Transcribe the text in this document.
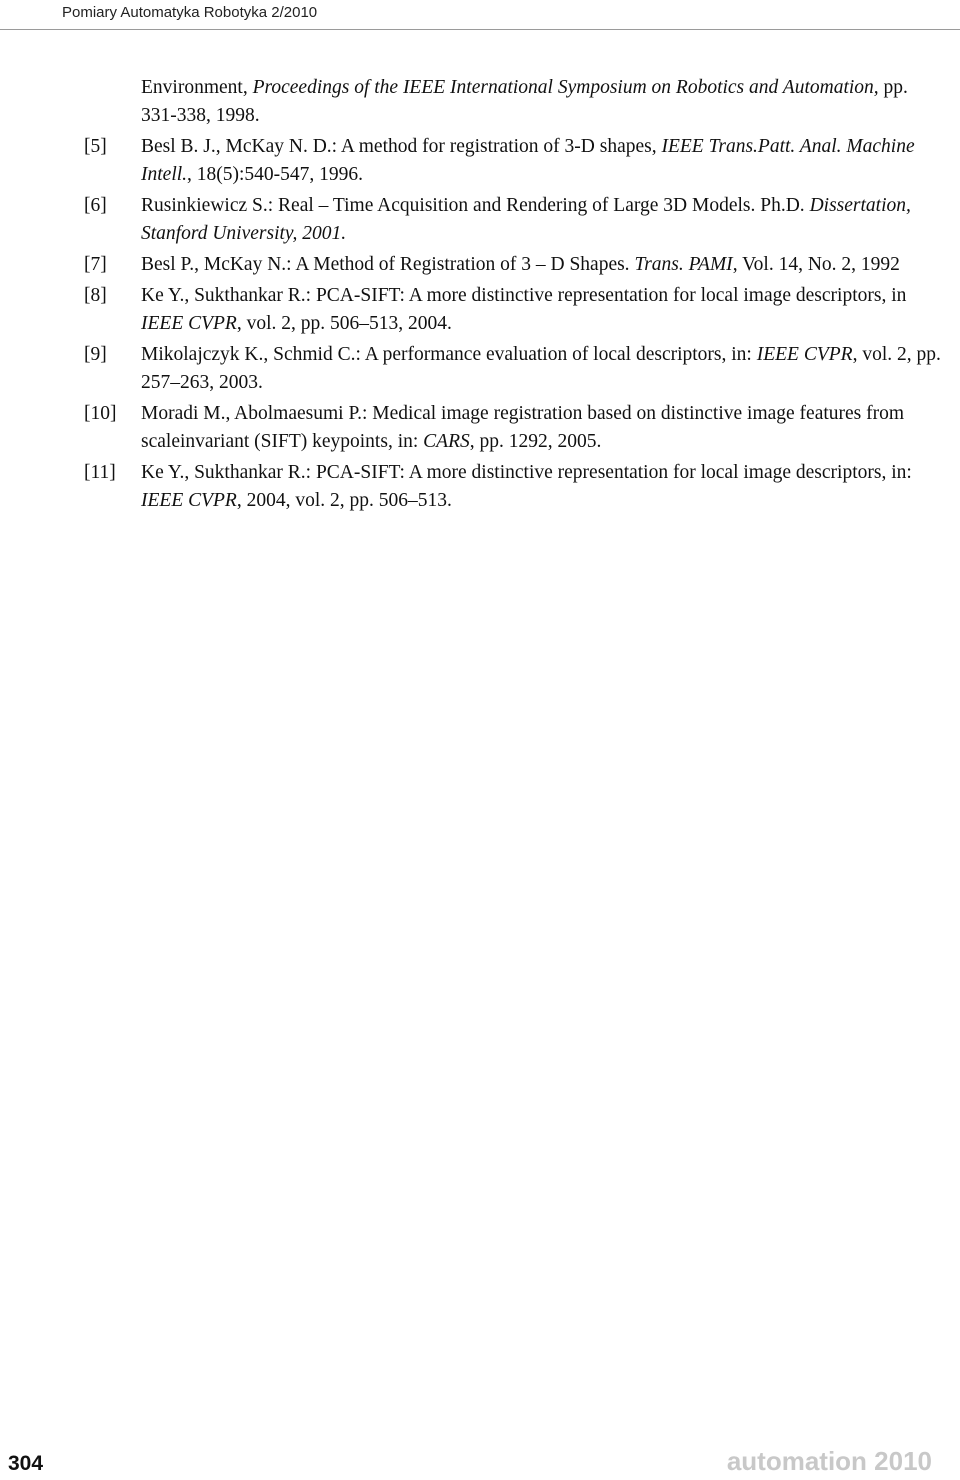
Pomiary Automatyka Robotyka 2/2010
Environment, Proceedings of the IEEE International Symposium on Robotics and Automation, pp. 331-338, 1998.
[5] Besl B. J., McKay N. D.: A method for registration of 3-D shapes, IEEE Trans.Patt. Anal. Machine Intell., 18(5):540-547, 1996.
[6] Rusinkiewicz S.: Real – Time Acquisition and Rendering of Large 3D Models. Ph.D. Dissertation, Stanford University, 2001.
[7] Besl P., McKay N.: A Method of Registration of 3 – D Shapes. Trans. PAMI, Vol. 14, No. 2, 1992
[8] Ke Y., Sukthankar R.: PCA-SIFT: A more distinctive representation for local image descriptors, in IEEE CVPR, vol. 2, pp. 506–513, 2004.
[9] Mikolajczyk K., Schmid C.: A performance evaluation of local descriptors, in: IEEE CVPR, vol. 2, pp. 257–263, 2003.
[10] Moradi M., Abolmaesumi P.: Medical image registration based on distinctive image features from scaleinvariant (SIFT) keypoints, in: CARS, pp. 1292, 2005.
[11] Ke Y., Sukthankar R.: PCA-SIFT: A more distinctive representation for local image descriptors, in: IEEE CVPR, 2004, vol. 2, pp. 506–513.
304	automation 2010
